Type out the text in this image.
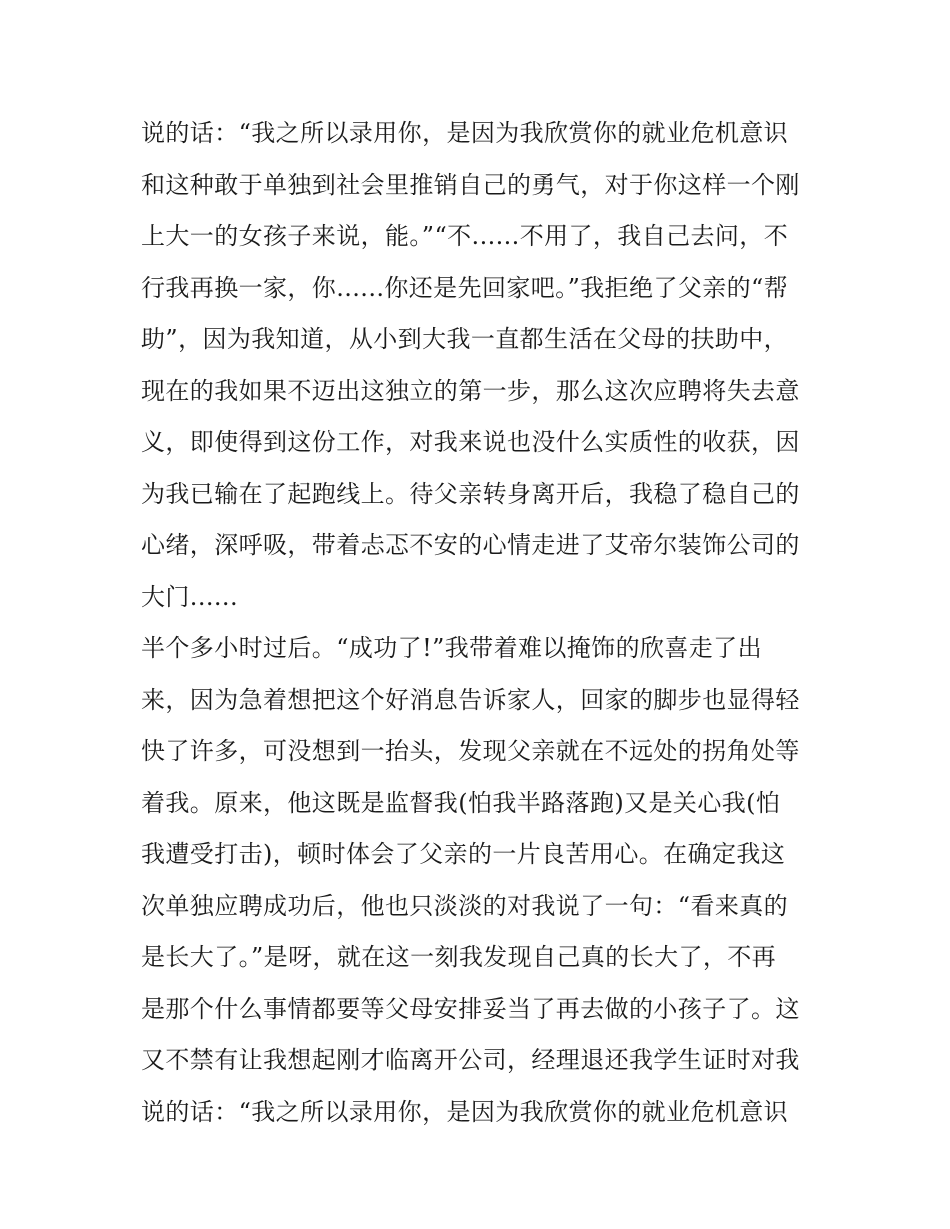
说的话：“我之所以录用你，是因为我欣赏你的就业危机意识
和这种敢于单独到社会里推销自己的勇气，对于你这样一个刚
上大一的女孩子来说，能。”“不......不用了，我自己去问，不
行我再换一家，你......你还是先回家吧。”我拒绝了父亲的“帮
助”，因为我知道，从小到大我一直都生活在父母的扶助中，
现在的我如果不迈出这独立的第一步，那么这次应聘将失去意
义，即使得到这份工作，对我来说也没什么实质性的收获，因
为我已输在了起跑线上。待父亲转身离开后，我稳了稳自己的
心绪，深呼吸，带着忐忑不安的心情走进了艾帝尔装饰公司的
大门......
半个多小时过后。“成功了!”我带着难以掩饰的欣喜走了出
来，因为急着想把这个好消息告诉家人，回家的脚步也显得轻
快了许多，可没想到一抬头，发现父亲就在不远处的拐角处等
着我。原来，他这既是监督我(怕我半路落跑)又是关心我(怕
我遭受打击)，顿时体会了父亲的一片良苦用心。在确定我这
次单独应聘成功后，他也只淡淡的对我说了一句：“看来真的
是长大了。”是呀，就在这一刻我发现自己真的长大了，不再
是那个什么事情都要等父母安排妥当了再去做的小孩子了。这
又不禁有让我想起刚才临离开公司，经理退还我学生证时对我
说的话：“我之所以录用你，是因为我欣赏你的就业危机意识
